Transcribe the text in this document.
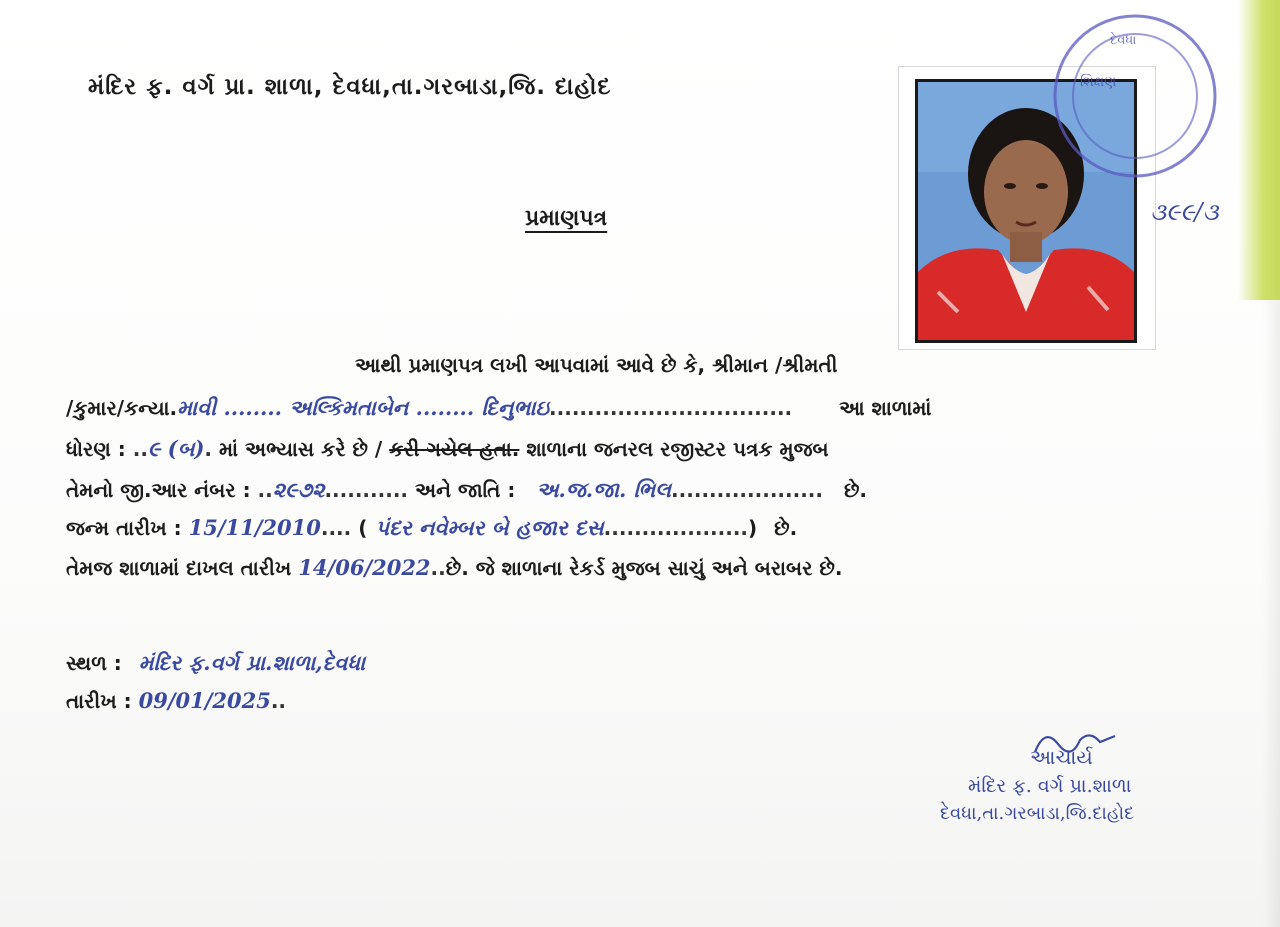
મંદિર ફ. વર્ગ પ્રા. શાળા, દેવધા,તા.ગરબાડા,જિ. દાહોદ
પ્રમાણપત્ર
દેવધા
શિક્ષણ
૩૯૯/૩
આથી પ્રમાણપત્ર લખી આપવામાં આવે છે કે, શ્રીમાન /શ્રીમતી
/કુમાર/કન્યા.માવી ........ અલ્કિમતાબેન ........ દિનુભાઇ................................ આ શાળામાં
ધોરણ : ..૯ (બ). માં અભ્યાસ કરે છે / કરી ગયેલ હતા. શાળાના જનરલ રજીસ્ટર પત્રક મુજબ
તેમનો જી.આર નંબર : ..૨૯૭૨........... અને જાતિ : અ.જ.જા. ભિલ.................... છે.
જન્મ તારીખ : 15/11/2010.... ( પંદર નવેમ્બર બે હજાર દસ...................) છે.
તેમજ શાળામાં દાખલ તારીખ 14/06/2022..છે. જે શાળાના રેકર્ડ મુજબ સાચું અને બરાબર છે.
સ્થળ : મંદિર ફ.વર્ગ પ્રા.શાળા,દેવધા
તારીખ : 09/01/2025..
આચાર્ય
મંદિર ફ. વર્ગ પ્રા.શાળા
દેવધા,તા.ગરબાડા,જિ.દાહોદ
